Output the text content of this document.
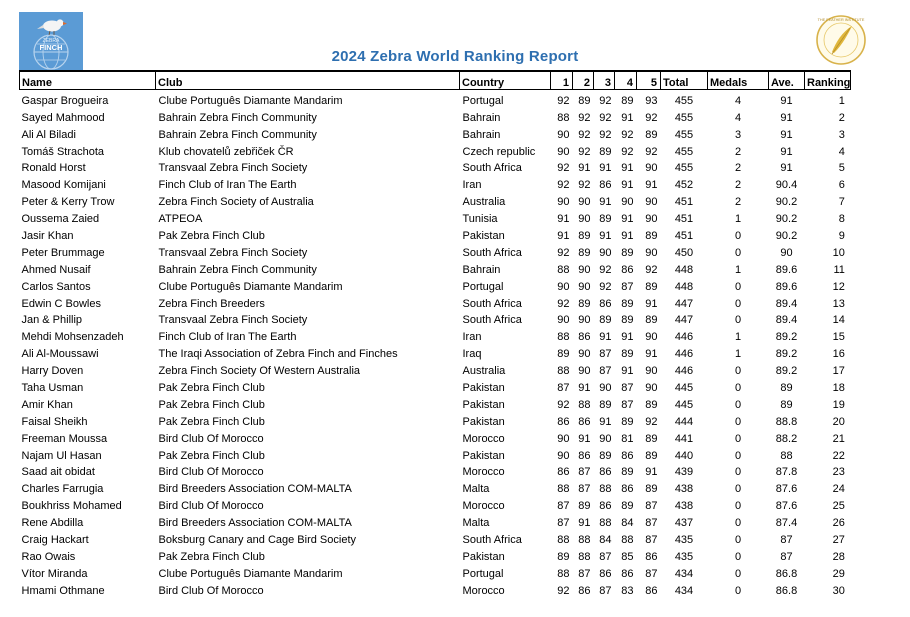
ZEBRA
FINCH
THE FEATHER INSTITUTE
2024 Zebra World Ranking Report
Name	Club	Country	1	2	3	4	5	Total	Medals	Ave.	Ranking
Gaspar Brogueira	Clube Português Diamante Mandarim	Portugal	92	89	92	89	93	455	4	91	1
Sayed Mahmood	Bahrain Zebra Finch Community	Bahrain	88	92	92	91	92	455	4	91	2
Ali Al Biladi	Bahrain Zebra Finch Community	Bahrain	90	92	92	92	89	455	3	91	3
Tomáš Strachota	Klub chovatelů zebřiček ČR	Czech republic	90	92	89	92	92	455	2	91	4
Ronald Horst	Transvaal Zebra Finch Society	South Africa	92	91	91	91	90	455	2	91	5
Masood Komijani	Finch Club of Iran The Earth	Iran	92	92	86	91	91	452	2	90.4	6
Peter & Kerry Trow	Zebra Finch Society of Australia	Australia	90	90	91	90	90	451	2	90.2	7
Oussema Zaied	ATPEOA	Tunisia	91	90	89	91	90	451	1	90.2	8
Jasir Khan	Pak Zebra Finch Club	Pakistan	91	89	91	91	89	451	0	90.2	9
Peter Brummage	Transvaal Zebra Finch Society	South Africa	92	89	90	89	90	450	0	90	10
Ahmed Nusaif	Bahrain Zebra Finch Community	Bahrain	88	90	92	86	92	448	1	89.6	11
Carlos Santos	Clube Português Diamante Mandarim	Portugal	90	90	92	87	89	448	0	89.6	12
Edwin C Bowles	Zebra Finch Breeders	South Africa	92	89	86	89	91	447	0	89.4	13
Jan & Phillip	Transvaal Zebra Finch Society	South Africa	90	90	89	89	89	447	0	89.4	14
Mehdi Mohsenzadeh	Finch Club of Iran The Earth	Iran	88	86	91	91	90	446	1	89.2	15
Ali Al-Moussawi	The Iraqi Association of Zebra Finch and Finches	Iraq	89	90	87	89	91	446	1	89.2	16
Harry Doven	Zebra Finch Society Of Western Australia	Australia	88	90	87	91	90	446	0	89.2	17
Taha Usman	Pak Zebra Finch Club	Pakistan	87	91	90	87	90	445	0	89	18
Amir Khan	Pak Zebra Finch Club	Pakistan	92	88	89	87	89	445	0	89	19
Faisal Sheikh	Pak Zebra Finch Club	Pakistan	86	86	91	89	92	444	0	88.8	20
Freeman Moussa	Bird Club Of Morocco	Morocco	90	91	90	81	89	441	0	88.2	21
Najam Ul Hasan	Pak Zebra Finch Club	Pakistan	90	86	89	86	89	440	0	88	22
Saad ait obidat	Bird Club Of Morocco	Morocco	86	87	86	89	91	439	0	87.8	23
Charles Farrugia	Bird Breeders Association COM-MALTA	Malta	88	87	88	86	89	438	0	87.6	24
Boukhriss Mohamed	Bird Club Of Morocco	Morocco	87	89	86	89	87	438	0	87.6	25
Rene Abdilla	Bird Breeders Association COM-MALTA	Malta	87	91	88	84	87	437	0	87.4	26
Craig Hackart	Boksburg Canary and Cage Bird Society	South Africa	88	88	84	88	87	435	0	87	27
Rao Owais	Pak Zebra Finch Club	Pakistan	89	88	87	85	86	435	0	87	28
Vítor Miranda	Clube Português Diamante Mandarim	Portugal	88	87	86	86	87	434	0	86.8	29
Hmami Othmane	Bird Club Of Morocco	Morocco	92	86	87	83	86	434	0	86.8	30
